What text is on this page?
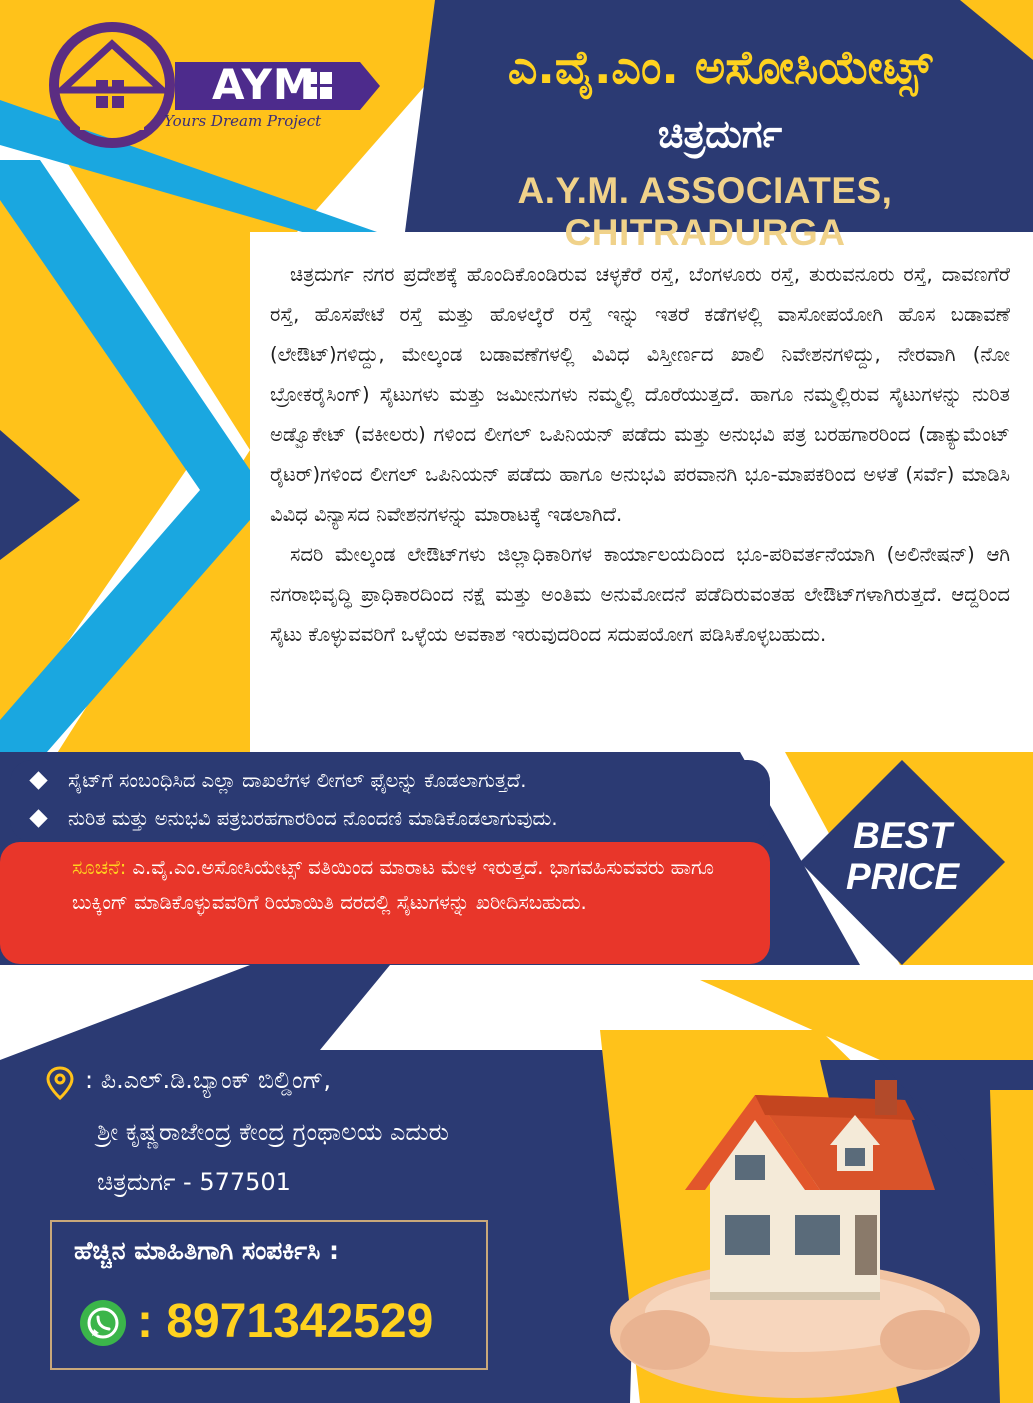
AYM
Yours Dream Project
ಎ.ವೈ.ಎಂ. ಅಸೋಸಿಯೇಟ್ಸ್
ಚಿತ್ರದುರ್ಗ
A.Y.M. ASSOCIATES, CHITRADURGA

ಚಿತ್ರದುರ್ಗ ನಗರ ಪ್ರದೇಶಕ್ಕೆ ಹೊಂದಿಕೊಂಡಿರುವ ಚಳ್ಳಕೆರೆ ರಸ್ತೆ, ಬೆಂಗಳೂರು ರಸ್ತೆ, ತುರುವನೂರು ರಸ್ತೆ, ದಾವಣಗೆರೆ ರಸ್ತೆ, ಹೊಸಪೇಟೆ ರಸ್ತೆ ಮತ್ತು ಹೊಳಲ್ಕೆರೆ ರಸ್ತೆ ಇನ್ನು ಇತರೆ ಕಡೆಗಳಲ್ಲಿ ವಾಸೋಪಯೋಗಿ ಹೊಸ ಬಡಾವಣೆ (ಲೇಔಟ್)ಗಳಿದ್ದು, ಮೇಲ್ಕಂಡ ಬಡಾವಣೆಗಳಲ್ಲಿ ವಿವಿಧ ವಿಸ್ತೀರ್ಣದ ಖಾಲಿ ನಿವೇಶನಗಳಿದ್ದು, ನೇರವಾಗಿ (ನೋ ಬ್ರೋಕರೈಸಿಂಗ್) ಸೈಟುಗಳು ಮತ್ತು ಜಮೀನುಗಳು ನಮ್ಮಲ್ಲಿ ದೊರೆಯುತ್ತದೆ. ಹಾಗೂ ನಮ್ಮಲ್ಲಿರುವ ಸೈಟುಗಳನ್ನು ನುರಿತ ಅಡ್ವೊಕೇಟ್ (ವಕೀಲರು) ಗಳಿಂದ ಲೀಗಲ್ ಒಪಿನಿಯನ್ ಪಡೆದು ಮತ್ತು ಅನುಭವಿ ಪತ್ರ ಬರಹಗಾರರಿಂದ (ಡಾಕ್ಯುಮೆಂಟ್ ರೈಟರ್)ಗಳಿಂದ ಲೀಗಲ್ ಒಪಿನಿಯನ್ ಪಡೆದು ಹಾಗೂ ಅನುಭವಿ ಪರವಾನಗಿ ಭೂ-ಮಾಪಕರಿಂದ ಅಳತೆ (ಸರ್ವೆ) ಮಾಡಿಸಿ ವಿವಿಧ ವಿನ್ಯಾಸದ ನಿವೇಶನಗಳನ್ನು ಮಾರಾಟಕ್ಕೆ ಇಡಲಾಗಿದೆ.

ಸದರಿ ಮೇಲ್ಕಂಡ ಲೇಔಟ್‌ಗಳು ಜಿಲ್ಲಾಧಿಕಾರಿಗಳ ಕಾರ್ಯಾಲಯದಿಂದ ಭೂ-ಪರಿವರ್ತನೆಯಾಗಿ (ಅಲಿನೇಷನ್) ಆಗಿ ನಗರಾಭಿವೃದ್ಧಿ ಪ್ರಾಧಿಕಾರದಿಂದ ನಕ್ಷೆ ಮತ್ತು ಅಂತಿಮ ಅನುಮೋದನೆ ಪಡೆದಿರುವಂತಹ ಲೇಔಟ್‌ಗಳಾಗಿರುತ್ತದೆ. ಆದ್ದರಿಂದ ಸೈಟು ಕೊಳ್ಳುವವರಿಗೆ ಒಳ್ಳೆಯ ಅವಕಾಶ ಇರುವುದರಿಂದ ಸದುಪಯೋಗ ಪಡಿಸಿಕೊಳ್ಳಬಹುದು.

ಸೈಟ್‌ಗೆ ಸಂಬಂಧಿಸಿದ ಎಲ್ಲಾ ದಾಖಲೆಗಳ ಲೀಗಲ್ ಫೈಲನ್ನು ಕೊಡಲಾಗುತ್ತದೆ.
ನುರಿತ ಮತ್ತು ಅನುಭವಿ ಪತ್ರಬರಹಗಾರರಿಂದ ನೊಂದಣಿ ಮಾಡಿಕೊಡಲಾಗುವುದು.
ಸೂಚನೆ: ಎ.ವೈ.ಎಂ.ಅಸೋಸಿಯೇಟ್ಸ್ ವತಿಯಿಂದ ಮಾರಾಟ ಮೇಳ ಇರುತ್ತದೆ. ಭಾಗವಹಿಸುವವರು ಹಾಗೂ ಬುಕ್ಕಿಂಗ್ ಮಾಡಿಕೊಳ್ಳುವವರಿಗೆ ರಿಯಾಯಿತಿ ದರದಲ್ಲಿ ಸೈಟುಗಳನ್ನು ಖರೀದಿಸಬಹುದು.
BEST
PRICE
: ಪಿ.ಎಲ್.ಡಿ.ಬ್ಯಾಂಕ್ ಬಿಲ್ಡಿಂಗ್,
ಶ್ರೀ ಕೃಷ್ಣರಾಜೇಂದ್ರ ಕೇಂದ್ರ ಗ್ರಂಥಾಲಯ ಎದುರು
ಚಿತ್ರದುರ್ಗ - 577501
ಹೆಚ್ಚಿನ ಮಾಹಿತಿಗಾಗಿ ಸಂಪರ್ಕಿಸಿ :
: 8971342529
